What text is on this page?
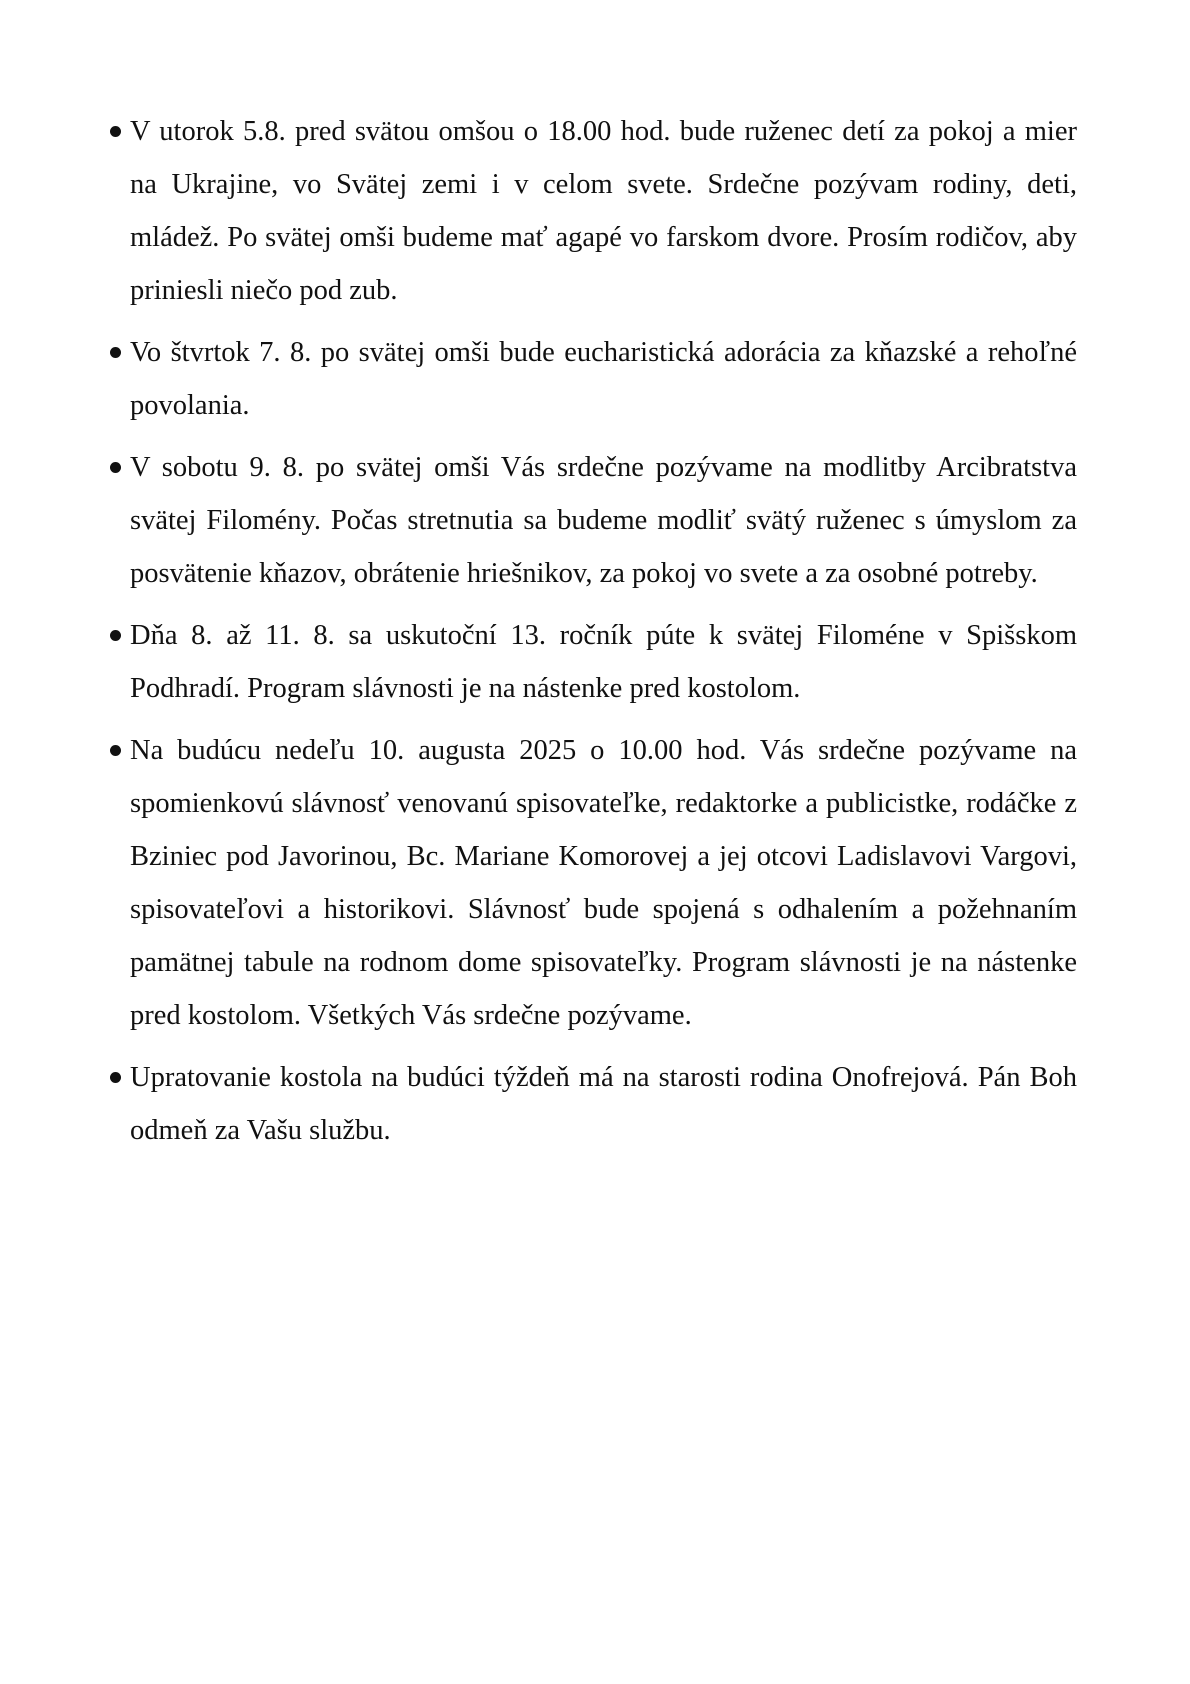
V utorok 5.8. pred svätou omšou o 18.00 hod. bude ruženec detí za pokoj a mier na Ukrajine, vo Svätej zemi i v celom svete. Srdečne pozývam rodiny, deti, mládež. Po svätej omši budeme mať agapé vo farskom dvore. Prosím rodičov, aby priniesli niečo pod zub.
Vo štvrtok 7. 8. po svätej omši bude eucharistická adorácia za kňazské a rehoľné povolania.
V sobotu 9. 8. po svätej omši Vás srdečne pozývame na modlitby Arcibratstva svätej Filomény. Počas stretnutia sa budeme modliť svätý ruženec s úmyslom za posvätenie kňazov, obrátenie hriešnikov, za pokoj vo svete a za osobné potreby.
Dňa 8. až 11. 8. sa uskutoční 13. ročník púte k svätej Filoméne v Spišskom Podhradí. Program slávnosti je na nástenke pred kostolom.
Na budúcu nedeľu 10. augusta 2025 o 10.00 hod. Vás srdečne pozývame na spomienkovú slávnosť venovanú spisovateľke, redaktorke a publicistke, rodáčke z Bziniec pod Javorinou, Bc. Mariane Komorovej a jej otcovi Ladislavovi Vargovi, spisovateľovi a historikovi. Slávnosť bude spojená s odhalením a požehnaním pamätnej tabule na rodnom dome spisovateľky. Program slávnosti je na nástenke pred kostolom. Všetkých Vás srdečne pozývame.
Upratovanie kostola na budúci týždeň má na starosti rodina Onofrejová. Pán Boh odmeň za Vašu službu.
